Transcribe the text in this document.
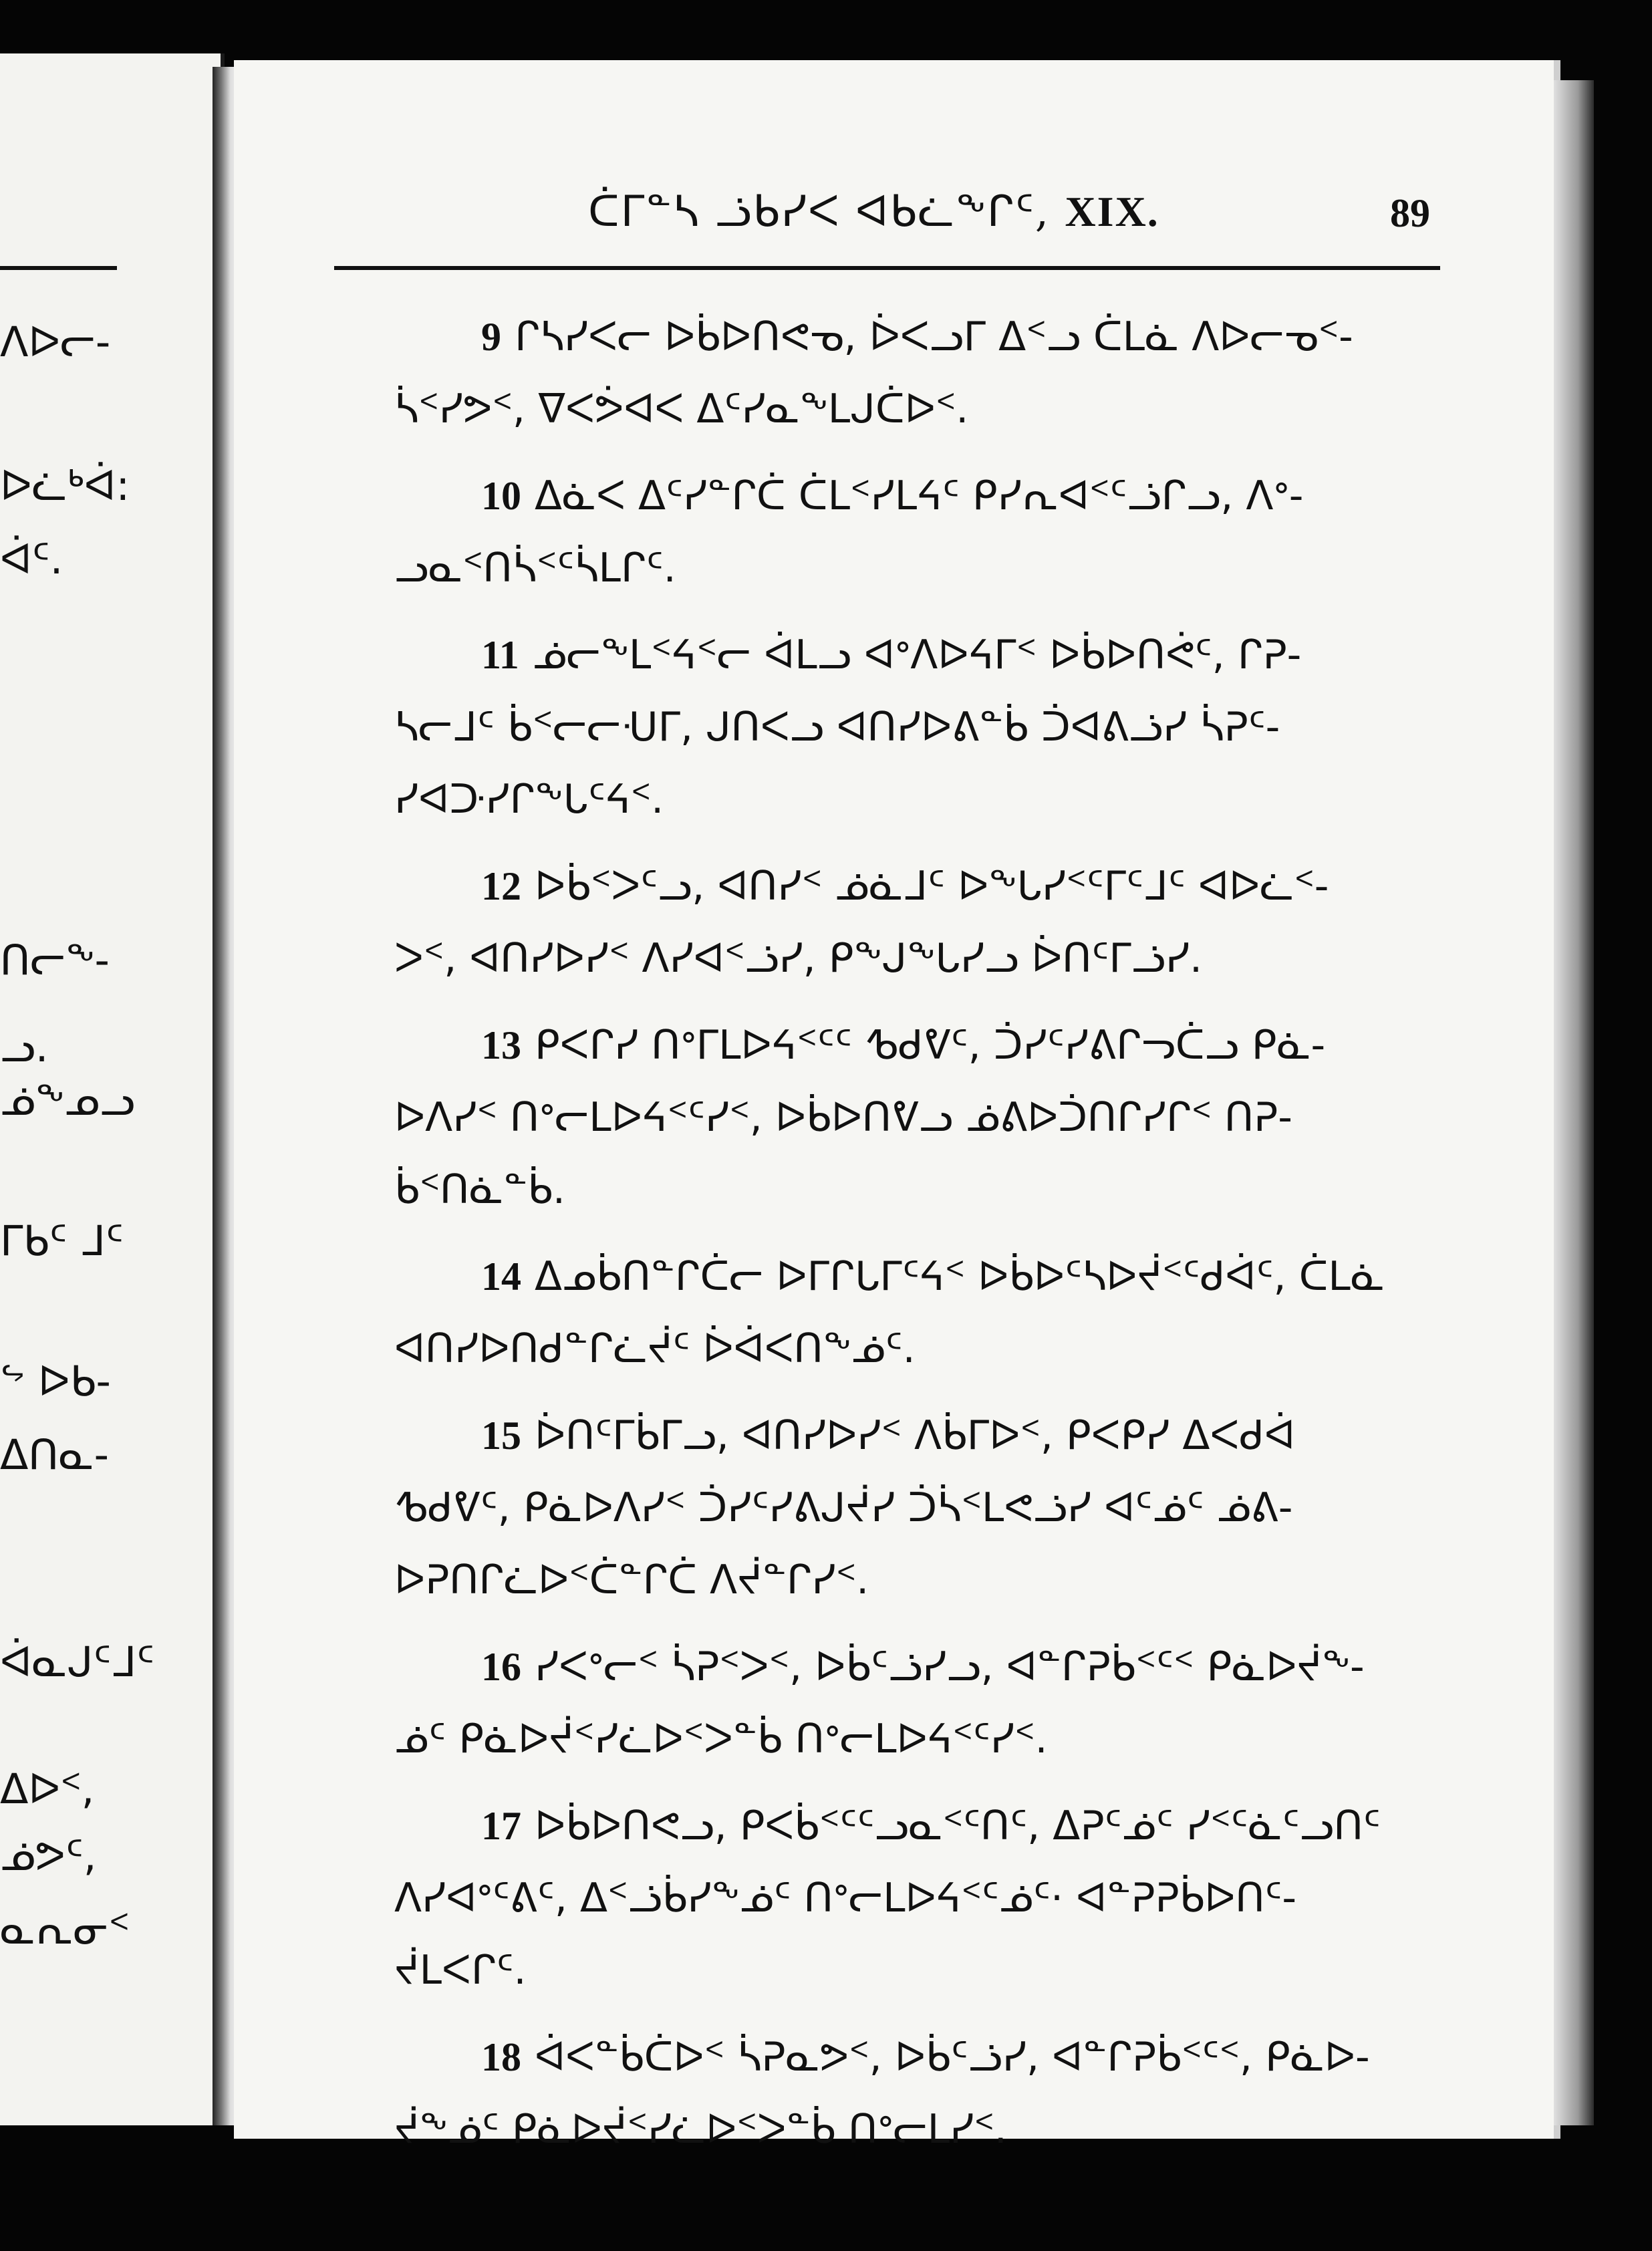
ᐱᐅᓕ-
ᐅᓛᒃᐋ:
ᐋᑦ.
ᑎᓕᖕ-
ᓗ.
ᓅᖕᓄᓗ
ᒥᑲᑦ ᒧᑦ
ᖦ ᐅᑲ-
ᐃᑎᓇ-
ᐋᓇᒍᑦᒧᑦ
ᐃᐅᑉ,
ᓅᕗᑦ,
ᓇᕆᓂᑉ
ᑖᒥᓐᓴ ᓘᑲᓯᐸ ᐊᑲᓛᖕᒋᑦ, XIX.	89
9 ᒋᓴᓯᐸᓕ ᐅᑳᐅᑎᕙᓀ, ᐆᐸᓗᒥ ᐃᑉᓗ ᑖᒪᓈ ᐱᐅᓕᓀᑉ-
ᓵᑉᓯᕗᑉ, ᐁᐸᕘᐊᐸ ᐃᑦᓯᓇᖕᒪᒍᑖᐅᑉ.
10 ᐃᓈᐸ ᐃᑦᓯᓐᒋᑖ ᑖᒪᑉᓯᒪᔦᑦ ᑭᓯᕆᐊᑉᑦᓘᒋᓗ, ᐱᐤ-
ᓗᓇᑉᑎᓵᑉᑦᓵᒪᒋᑦ.
11 ᓅᓕᖕᒪᑉᔦᑉᓕ ᐋᒪᓗ ᐊᐤᐱᐅᔦᒥᑉ ᐅᑳᐅᑎᕚᑦ, ᒋᕈ-
ᓴᓕᒧᑦ ᑳᑉᓕᓕᑗᒥ, ᒍᑎᐸᓗ ᐊᑎᓯᐅᕕᓐᑳ ᑑᐊᕕᓘᓯ ᓵᕈᑦ-
ᓯᐊᑞᓯᒋᖕᒐᑦᔦᑉ.
12 ᐅᑳᑉᐳᑦᓗ, ᐊᑎᓯᑉ ᓅᓈᒧᑦ ᐅᖕᒐᓯᑉᑦᒥᑦᒧᑦ ᐊᐅᓛᑉ-
ᐳᑉ, ᐊᑎᓯᐅᓯᑉ ᐱᓯᐊᑉᓘᓯ, ᑭᖕᒍᖕᒐᓯᓗ ᐆᑎᑦᒥᓘᓯ.
13 ᑭᐸᒋᓯ ᑎᐤᒥᒪᐅᔦᑉᑦᑦ ᕹᑯᕓᑦ, ᑑᓯᑦᓯᕕᒋᓓᑖᓗ ᑭᓈ-
ᐅᐱᓯᑉ ᑎᐤᓕᒪᐅᔦᑉᑦᓯᑉ, ᐅᑳᐅᑎᕓᓗ ᓅᕕᐅᑑᑎᒋᓯᒋᑉ ᑎᕈ-
ᑳᑉᑎᓈᓐᑳ.
14 ᐃᓄᑳᑎᓐᒋᑖᓕ ᐅᒥᒋᒐᒥᑦᔦᑉ ᐅᑳᐅᑦᓴᐅᔫᑉᑦᑯᐋᑦ, ᑖᒪᓈ
ᐊᑎᓯᐅᑎᑯᓐᒋᓛᔫᑦ ᐆᐋᐸᑎᖕᓅᑦ.
15 ᐆᑎᑦᒥᑳᒥᓗ, ᐊᑎᓯᐅᓯᑉ ᐱᑳᒥᐅᑉ, ᑭᐸᑭᓯ ᐃᐸᑯᐋ
ᕹᑯᕓᑦ, ᑭᓈᐅᐱᓯᑉ ᑑᓯᑦᓯᕕᒍᔫᓯ ᑑᓵᑉᒪᕙᓘᓯ ᐊᑦᓅᑦ ᓅᕕ-
ᐅᕈᑎᒋᓛᐅᑉᑖᓐᒋᑖ ᐱᔫᓐᒋᓯᑉ.
16 ᓯᐸᐤᓕᑉ ᓵᕈᑉᐳᑉ, ᐅᑳᑦᓘᓯᓗ, ᐊᓐᒋᕈᑳᑉᑦᑉ ᑭᓈᐅᔫᖕ-
ᓅᑦ ᑭᓈᐅᔫᑉᓯᓛᐅᑉᐳᓐᑳ ᑎᐤᓕᒪᐅᔦᑉᑦᓯᑉ.
17 ᐅᑳᐅᑎᕙᓗ, ᑭᐸᑳᑉᑦᑦᓗᓇᑉᑦᑎᑦ, ᐃᕈᑦᓅᑦ ᓯᑉᑦᓈᑦᓗᑎᑦ
ᐱᓯᐊᐤᑦᕕᑦ, ᐃᑉᓘᑳᓯᖕᓅᑦ ᑎᐤᓕᒪᐅᔦᑉᑦᓅᑦ· ᐊᓐᕈᕈᑳᐅᑎᑦ-
ᔫᒪᐸᒋᑦ.
18 ᐋᐸᓐᑳᑖᐅᑉ ᓵᕈᓇᕗᑉ, ᐅᑳᑦᓘᓯ, ᐊᓐᒋᕈᑳᑉᑦᑉ, ᑭᓈᐅ-
ᔫᖕᓅᑦ ᑭᓈᐅᔫᑉᓯᓛᐅᑉᐳᓐᑳ ᑎᐤᓕᒪᓯᑉ.
